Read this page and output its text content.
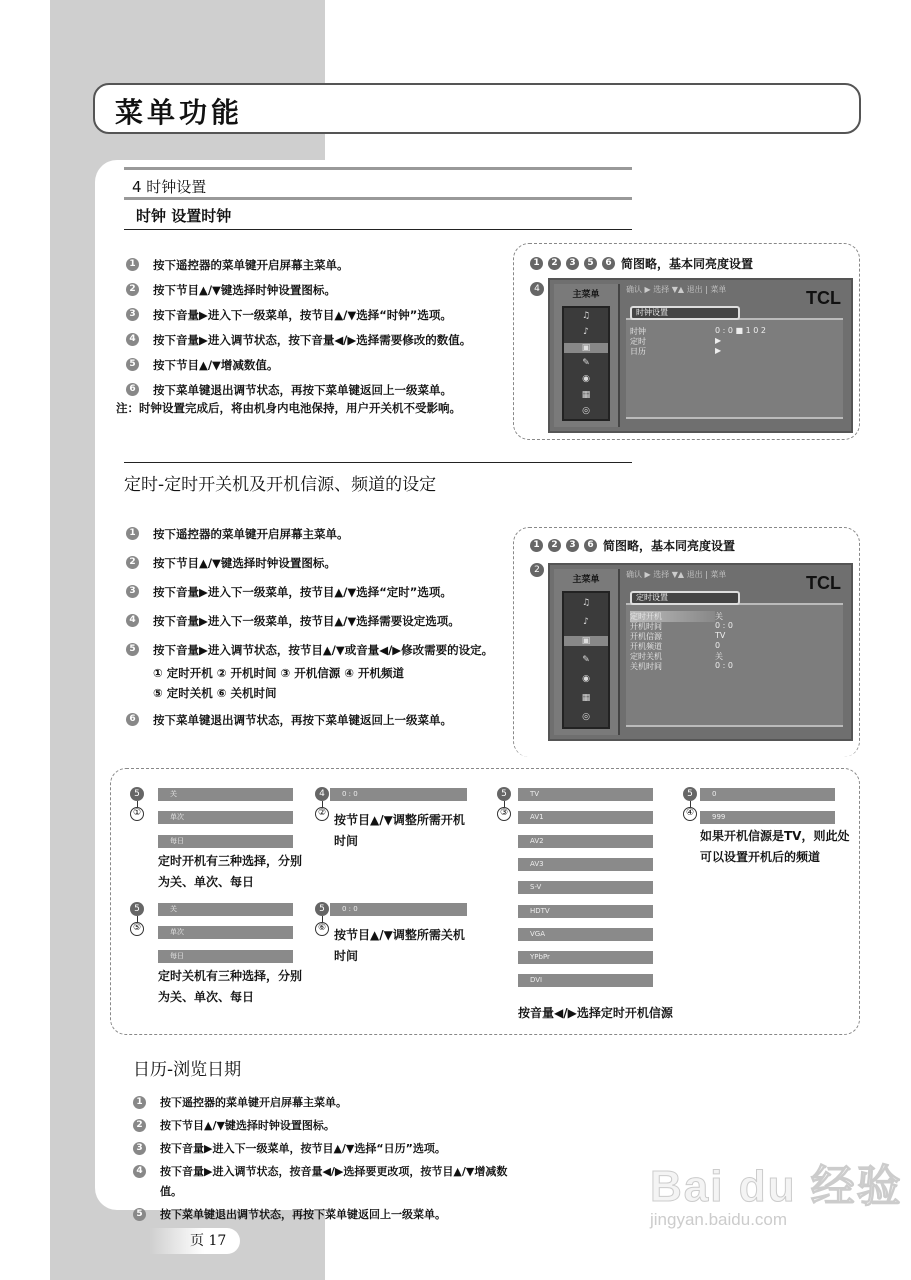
菜单功能
4 时钟设置
时钟 设置时钟
1 按下遥控器的菜单键开启屏幕主菜单。
2 按下节目▲/▼键选择时钟设置图标。
3 按下音量▶进入下一级菜单，按节目▲/▼选择“时钟”选项。
4 按下音量▶进入调节状态，按下音量◀/▶选择需要修改的数值。
5 按下节目▲/▼增减数值。
6 按下菜单键退出调节状态，再按下菜单键返回上一级菜单。
注：时钟设置完成后，将由机身内电池保持，用户开关机不受影响。
1	2	3	5	6 简图略，基本同亮度设置
4
主菜单
♫
♪
▣
✎
◉
▦
◎
确认 ▶ 选择 ▼▲ 退出 | 菜单	TCL
时钟设置
时钟	0 : 0 ■ 1 0 2
定时	▶
日历	▶
定时-定时开关机及开机信源、频道的设定
1 按下遥控器的菜单键开启屏幕主菜单。
2 按下节目▲/▼键选择时钟设置图标。
3 按下音量▶进入下一级菜单，按节目▲/▼选择“定时”选项。
4 按下音量▶进入下一级菜单，按节目▲/▼选择需要设定选项。
5 按下音量▶进入调节状态，按节目▲/▼或音量◀/▶修改需要的设定。
① 定时开机 ② 开机时间 ③ 开机信源 ④ 开机频道
⑤ 定时关机 ⑥ 关机时间
6 按下菜单键退出调节状态，再按下菜单键返回上一级菜单。
1	2	3	6 简图略，基本同亮度设置
2
主菜单
♫
♪
▣
✎
◉
▦
◎
确认 ▶ 选择 ▼▲ 退出 | 菜单	TCL
定时设置
定时开机	关
开机时间	0 : 0
开机信源	TV
开机频道	0
定时关机	关
关机时间	0 : 0
5
①
关
单次
每日
定时开机有三种选择，分别为关、单次、每日
5
⑤
关
单次
每日
定时关机有三种选择，分别为关、单次、每日
4
②
0 : 0
按节目▲/▼调整所需开机时间
5
⑥
0 : 0
按节目▲/▼调整所需关机时间
5
③
TV
AV1
AV2
AV3
S-V
HDTV
VGA
YPbPr
DVI
按音量◀/▶选择定时开机信源
5
④
0
999
如果开机信源是TV，则此处可以设置开机后的频道
日历-浏览日期
1	按下遥控器的菜单键开启屏幕主菜单。
2	按下节目▲/▼键选择时钟设置图标。
3	按下音量▶进入下一级菜单，按节目▲/▼选择“日历”选项。
4	按下音量▶进入调节状态，按音量◀/▶选择要更改项，按节目▲/▼增减数值。
5	按下菜单键退出调节状态，再按下菜单键返回上一级菜单。
页 17
Bai du 经验
jingyan.baidu.com
